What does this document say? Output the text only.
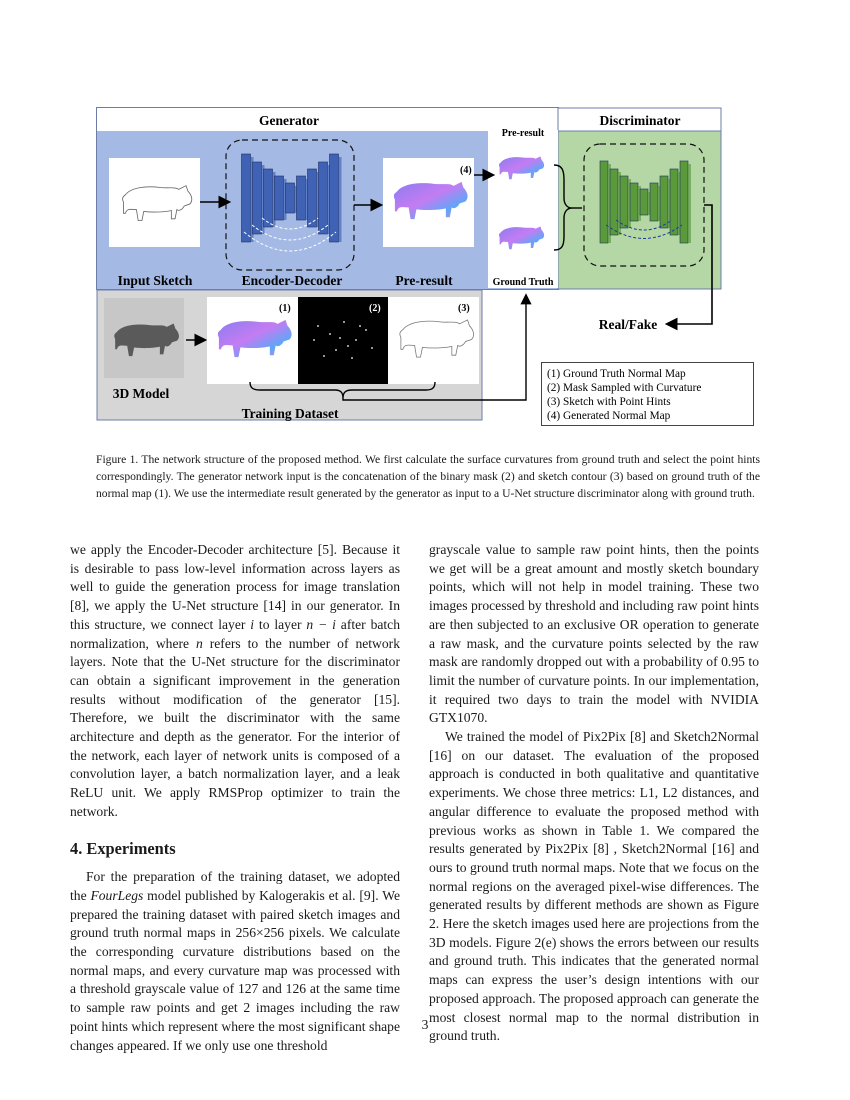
Generator	Discriminator
Pre-result
Ground Truth
Input Sketch	Encoder-Decoder
(4)
Pre-result
Real/Fake
3D Model
(1)	(2)	(3)
Training Dataset
(1) Ground Truth Normal Map
(2) Mask Sampled with Curvature
(3) Sketch with Point Hints
(4) Generated Normal Map
Figure 1. The network structure of the proposed method. We first calculate the surface curvatures from ground truth and select the point hints correspondingly. The generator network input is the concatenation of the binary mask (2) and sketch contour (3) based on ground truth of the normal map (1). We use the intermediate result generated by the generator as input to a U-Net structure discriminator along with ground truth.

we apply the Encoder-Decoder architecture [5]. Because it is desirable to pass low-level information across layers as well to guide the generation process for image translation [8], we apply the U-Net structure [14] in our generator. In this structure, we connect layer i to layer n − i after batch normalization, where n refers to the number of network layers. Note that the U-Net structure for the discriminator can obtain a significant improvement in the generation results without modification of the generator [15]. Therefore, we built the discriminator with the same architecture and depth as the generator. For the interior of the network, each layer of network units is composed of a convolution layer, a batch normalization layer, and a leak ReLU unit. We apply RMSProp optimizer to train the network.

4. Experiments

For the preparation of the training dataset, we adopted the FourLegs model published by Kalogerakis et al. [9]. We prepared the training dataset with paired sketch images and ground truth normal maps in 256×256 pixels. We calculate the corresponding curvature distributions based on the normal maps, and every curvature map was processed with a threshold grayscale value of 127 and 126 at the same time to sample raw points and get 2 images including the raw point hints which represent where the most significant shape changes appeared. If we only use one threshold

grayscale value to sample raw point hints, then the points we get will be a great amount and mostly sketch boundary points, which will not help in model training. These two images processed by threshold and including raw point hints are then subjected to an exclusive OR operation to generate a raw mask, and the curvature points selected by the raw mask are randomly dropped out with a probability of 0.95 to limit the number of curvature points. In our implementation, it required two days to train the model with NVIDIA GTX1070.

We trained the model of Pix2Pix [8] and Sketch2Normal [16] on our dataset. The evaluation of the proposed approach is conducted in both qualitative and quantitative experiments. We chose three metrics: L1, L2 distances, and angular difference to evaluate the proposed method with previous works as shown in Table 1. We compared the results generated by Pix2Pix [8] , Sketch2Normal [16] and ours to ground truth normal maps. Note that we focus on the normal regions on the averaged pixel-wise differences. The generated results by different methods are shown as Figure 2. Here the sketch images used here are projections from the 3D models. Figure 2(e) shows the errors between our results and ground truth. This indicates that the generated normal maps can express the user’s design intentions with our proposed approach. The proposed approach can generate the most closest normal map to the normal distribution in ground truth.

3
